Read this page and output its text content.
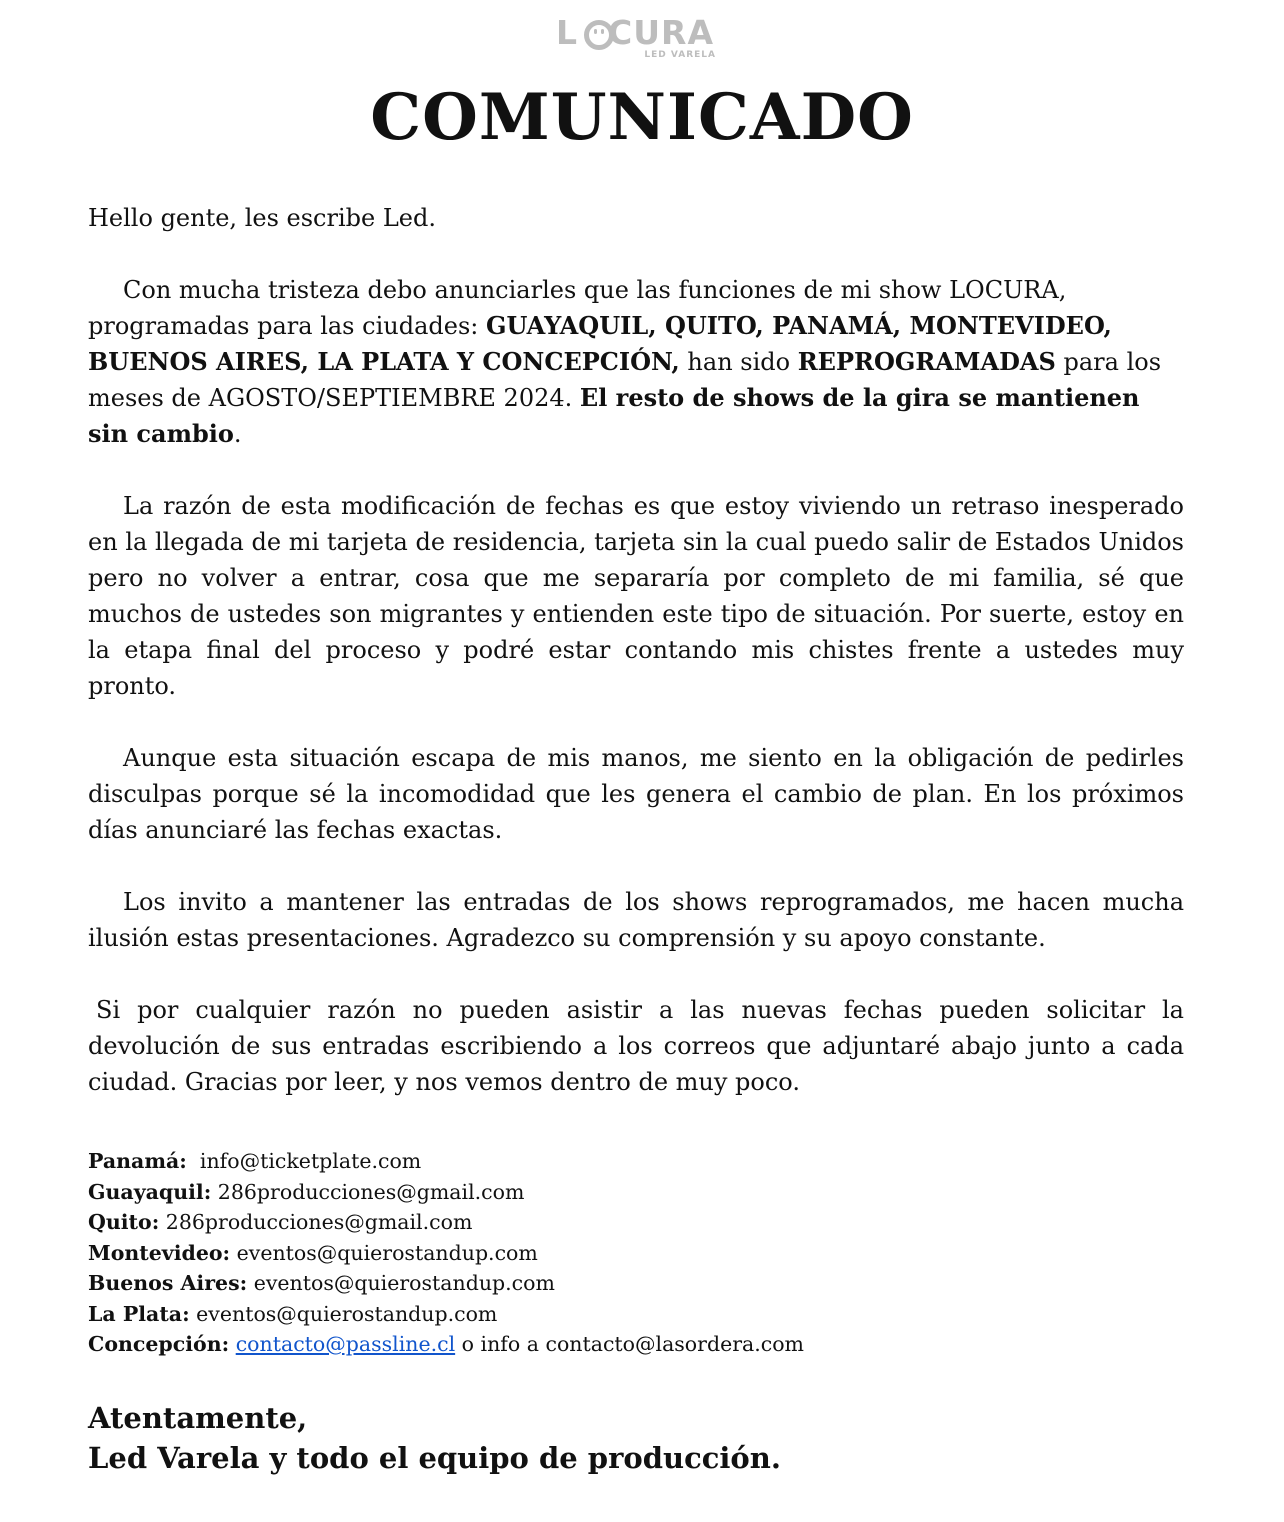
L CURA
LED VARELA
COMUNICADO

Hello gente, les escribe Led.

Con mucha tristeza debo anunciarles que las funciones de mi show LOCURA, programadas para las ciudades: GUAYAQUIL, QUITO, PANAMÁ, MONTEVIDEO, BUENOS AIRES, LA PLATA Y CONCEPCIÓN, han sido REPROGRAMADAS para los meses de AGOSTO/SEPTIEMBRE 2024. El resto de shows de la gira se mantienen sin cambio.

La razón de esta modificación de fechas es que estoy viviendo un retraso inesperado en la llegada de mi tarjeta de residencia, tarjeta sin la cual puedo salir de Estados Unidos pero no volver a entrar, cosa que me separaría por completo de mi familia, sé que muchos de ustedes son migrantes y entienden este tipo de situación. Por suerte, estoy en la etapa final del proceso y podré estar contando mis chistes frente a ustedes muy pronto.

Aunque esta situación escapa de mis manos, me siento en la obligación de pedirles disculpas porque sé la incomodidad que les genera el cambio de plan. En los próximos días anunciaré las fechas exactas.

Los invito a mantener las entradas de los shows reprogramados, me hacen mucha ilusión estas presentaciones. Agradezco su comprensión y su apoyo constante.

Si por cualquier razón no pueden asistir a las nuevas fechas pueden solicitar la devolución de sus entradas escribiendo a los correos que adjuntaré abajo junto a cada ciudad. Gracias por leer, y nos vemos dentro de muy poco.

Panamá:  info@ticketplate.com
Guayaquil: 286producciones@gmail.com
Quito: 286producciones@gmail.com
Montevideo: eventos@quierostandup.com
Buenos Aires: eventos@quierostandup.com
La Plata: eventos@quierostandup.com
Concepción: contacto@passline.cl o info a contacto@lasordera.com
Atentamente,
Led Varela y todo el equipo de producción.
